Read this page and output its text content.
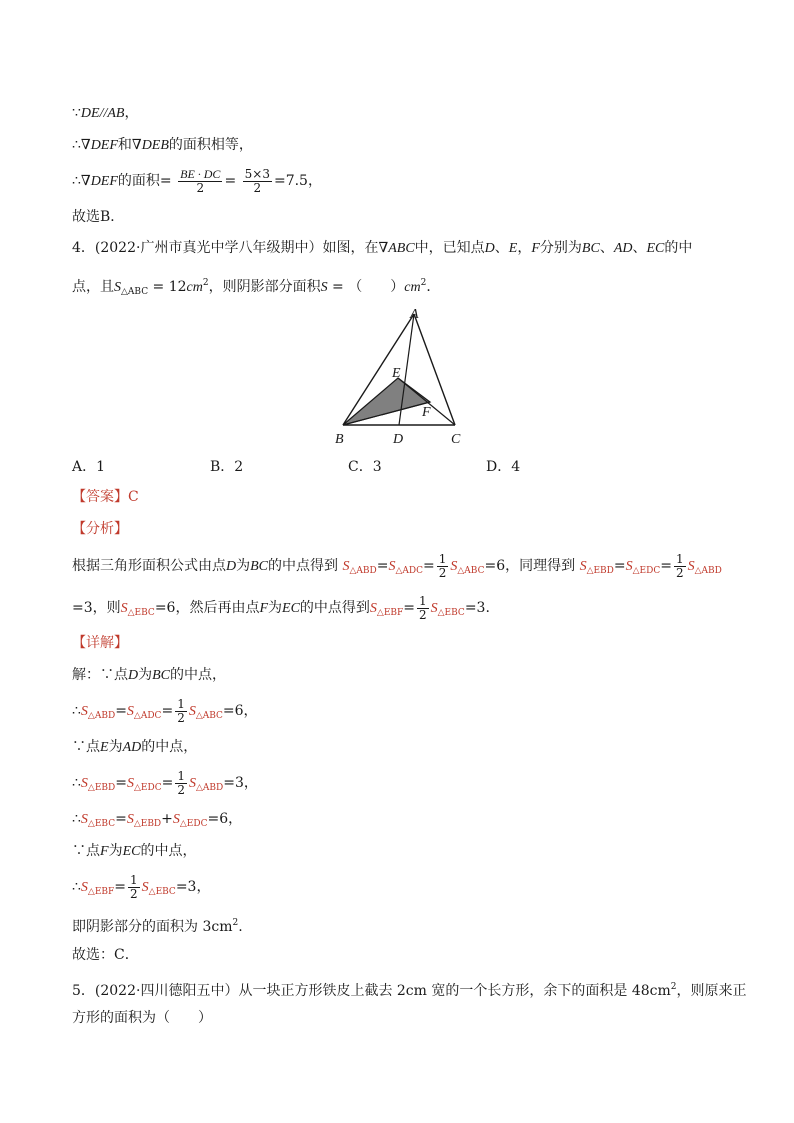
∵DE//AB，
∴∇DEF和∇DEB的面积相等，
∴∇DEF的面积= $\frac{BE \cdot DC}{2} = \frac{5\times 3}{2} =7.5$，
故选B．
4．(2022·广州市真光中学八年级期中）如图，在∇ABC中，已知点D、E，F分别为BC、AD、EC的中
点，且$S_{\triangle ABC} = 12cm^2$，则阴影部分面积S = （　　）$cm^2$．
A
B	C
D
E
F
A．1	B．2	C．3	D．4
【答案】C
【分析】
根据三角形面积公式由点D为BC的中点得到 $S_{\triangle ABD}=S_{\triangle ADC}= \frac{1}{2} S_{\triangle ABC}=6$，同理得到 $S_{\triangle EBD}=S_{\triangle EDC}= \frac{1}{2} S_{\triangle ABD}$
=3，则$S_{\triangle EBC}=6$，然后再由点F为EC的中点得到$S_{\triangle EBF}= \frac{1}{2} S_{\triangle EBC}=3$.
【详解】
解：∵点D为BC的中点，
$\therefore S_{\triangle ABD}=S_{\triangle ADC}= \frac{1}{2} S_{\triangle ABC}=6$，
∵点E为AD的中点，
$\therefore S_{\triangle EBD}=S_{\triangle EDC}= \frac{1}{2} S_{\triangle ABD}=3$，
$\therefore S_{\triangle EBC}=S_{\triangle EBD}+S_{\triangle EDC}=6$，
∵点F为EC的中点，
$\therefore S_{\triangle EBF}= \frac{1}{2} S_{\triangle EBC}=3$，
即阴影部分的面积为 $3cm^2$.
故选：C．
5．(2022·四川德阳五中）从一块正方形铁皮上截去 2cm 宽的一个长方形，余下的面积是 $48cm^2$，则原来正
方形的面积为（　　）
